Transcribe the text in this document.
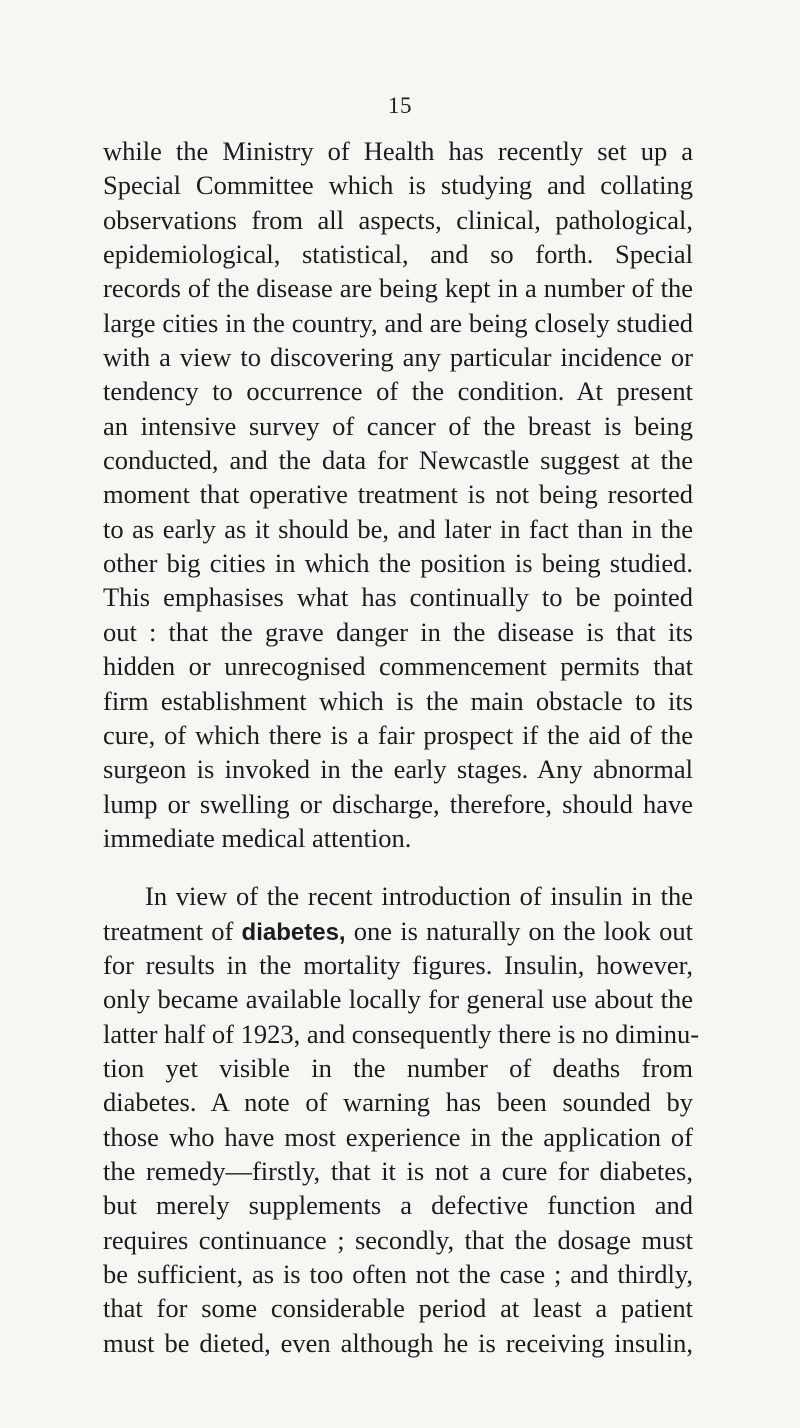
15
while the Ministry of Health has recently set up a
Special Committee which is studying and collating
observations from all aspects, clinical, pathological,
epidemiological, statistical, and so forth. Special
records of the disease are being kept in a number of the
large cities in the country, and are being closely studied
with a view to discovering any particular incidence or
tendency to occurrence of the condition. At present
an intensive survey of cancer of the breast is being
conducted, and the data for Newcastle suggest at the
moment that operative treatment is not being resorted
to as early as it should be, and later in fact than in the
other big cities in which the position is being studied.
This emphasises what has continually to be pointed
out : that the grave danger in the disease is that its
hidden or unrecognised commencement permits that
firm establishment which is the main obstacle to its
cure, of which there is a fair prospect if the aid of the
surgeon is invoked in the early stages. Any abnormal
lump or swelling or discharge, therefore, should have
immediate medical attention.
In view of the recent introduction of insulin in the
treatment of diabetes, one is naturally on the look out
for results in the mortality figures. Insulin, however,
only became available locally for general use about the
latter half of 1923, and consequently there is no diminu-
tion yet visible in the number of deaths from
diabetes. A note of warning has been sounded by
those who have most experience in the application of
the remedy—firstly, that it is not a cure for diabetes,
but merely supplements a defective function and
requires continuance ; secondly, that the dosage must
be sufficient, as is too often not the case ; and thirdly,
that for some considerable period at least a patient
must be dieted, even although he is receiving insulin,
